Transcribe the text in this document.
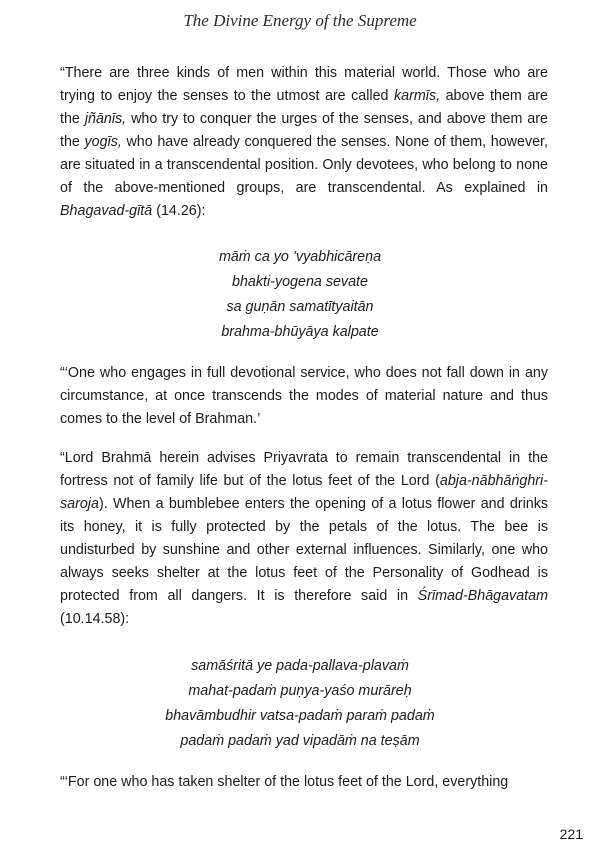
The Divine Energy of the Supreme

“There are three kinds of men within this material world. Those who are trying to enjoy the senses to the utmost are called karmīs, above them are the jñānīs, who try to conquer the urges of the senses, and above them are the yogīs, who have already conquered the senses. None of them, however, are situated in a transcendental position. Only devotees, who belong to none of the above-mentioned groups, are transcendental. As explained in Bhagavad-gītā (14.26):

māṁ ca yo ’vyabhicāreṇa
bhakti-yogena sevate
sa guṇān samatītyaitān
brahma-bhūyāya kalpate

“‘One who engages in full devotional service, who does not fall down in any circumstance, at once transcends the modes of material nature and thus comes to the level of Brahman.’

“Lord Brahmā herein advises Priyavrata to remain transcendental in the fortress not of family life but of the lotus feet of the Lord (abja-nābhāṅghri-saroja). When a bumblebee enters the opening of a lotus flower and drinks its honey, it is fully protected by the petals of the lotus. The bee is undisturbed by sunshine and other external influences. Similarly, one who always seeks shelter at the lotus feet of the Personality of Godhead is protected from all dangers. It is therefore said in Śrīmad-Bhāgavatam (10.14.58):

samāśritā ye pada-pallava-plavaṁ
mahat-padaṁ puṇya-yaśo murāreḥ
bhavāmbudhir vatsa-padaṁ paraṁ padaṁ
padaṁ padaṁ yad vipadāṁ na teṣām

“‘For one who has taken shelter of the lotus feet of the Lord, everything

221
